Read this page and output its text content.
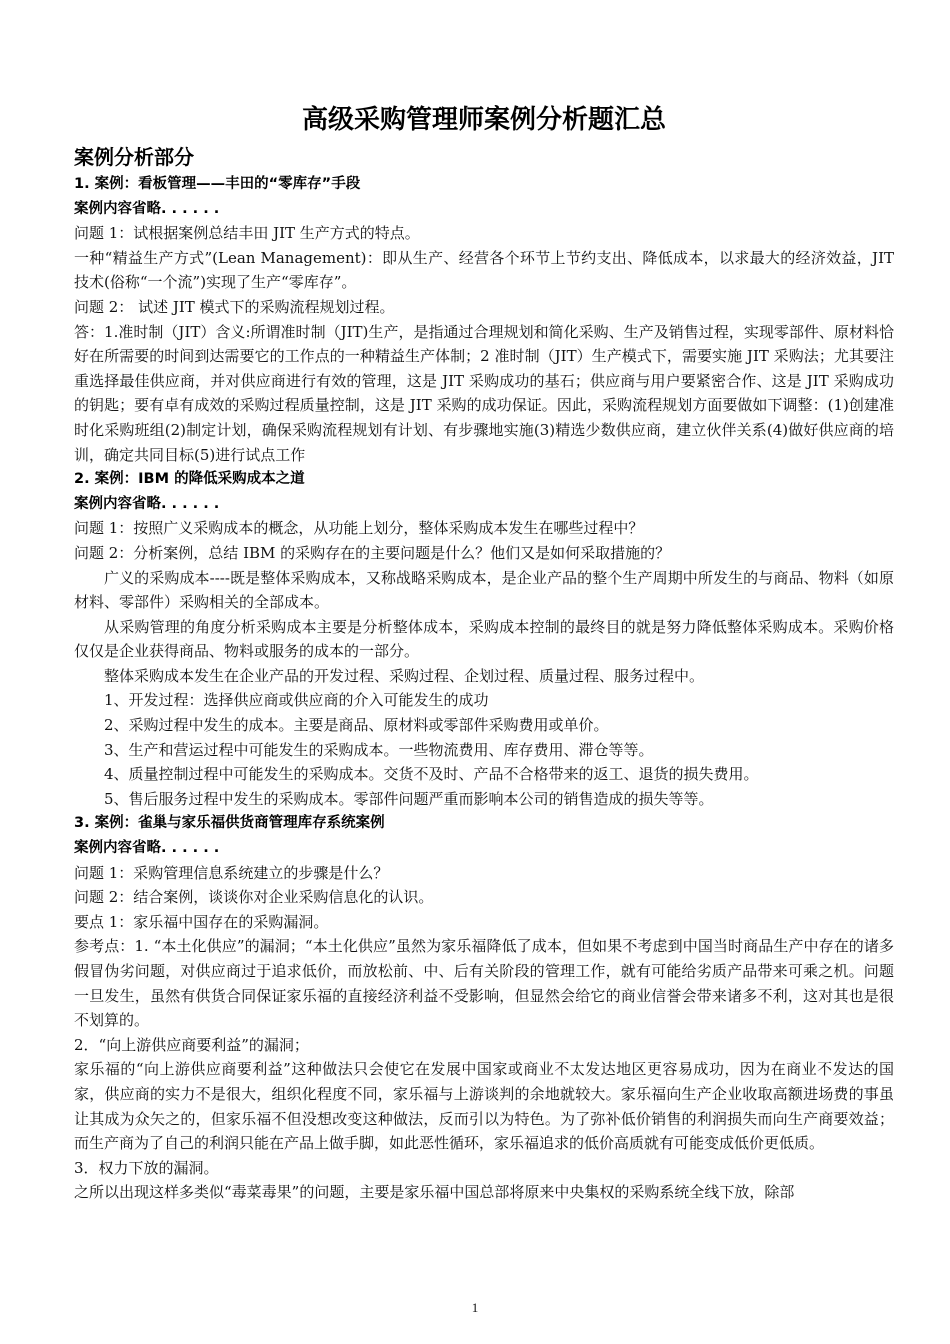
高级采购管理师案例分析题汇总
案例分析部分
1. 案例：看板管理——丰田的“零库存”手段
案例内容省略. . . . . .

问题 1：试根据案例总结丰田 JIT 生产方式的特点。

一种“精益生产方式”(Lean Management)：即从生产、经营各个环节上节约支出、降低成本，以求最大的经济效益，JIT 技术(俗称“一个流”)实现了生产“零库存”。

问题 2： 试述 JIT 模式下的采购流程规划过程。

答：1.准时制（JIT）含义:所谓准时制（JIT)生产，是指通过合理规划和简化采购、生产及销售过程，实现零部件、原材料恰好在所需要的时间到达需要它的工作点的一种精益生产体制；2 准时制（JIT）生产模式下，需要实施 JIT 采购法；尤其要注重选择最佳供应商，并对供应商进行有效的管理，这是 JIT 采购成功的基石；供应商与用户要紧密合作、这是 JIT 采购成功的钥匙；要有卓有成效的采购过程质量控制，这是 JIT 采购的成功保证。因此，采购流程规划方面要做如下调整：(1)创建准时化采购班组(2)制定计划，确保采购流程规划有计划、有步骤地实施(3)精选少数供应商，建立伙伴关系(4)做好供应商的培训，确定共同目标(5)进行试点工作

2. 案例：IBM 的降低采购成本之道
案例内容省略. . . . . .

问题 1：按照广义采购成本的概念，从功能上划分，整体采购成本发生在哪些过程中？

问题 2：分析案例，总结 IBM 的采购存在的主要问题是什么？他们又是如何采取措施的？

广义的采购成本----既是整体采购成本，又称战略采购成本，是企业产品的整个生产周期中所发生的与商品、物料（如原材料、零部件）采购相关的全部成本。

从采购管理的角度分析采购成本主要是分析整体成本，采购成本控制的最终目的就是努力降低整体采购成本。采购价格仅仅是企业获得商品、物料或服务的成本的一部分。

整体采购成本发生在企业产品的开发过程、采购过程、企划过程、质量过程、服务过程中。

1、开发过程：选择供应商或供应商的介入可能发生的成功

2、采购过程中发生的成本。主要是商品、原材料或零部件采购费用或单价。

3、生产和营运过程中可能发生的采购成本。一些物流费用、库存费用、滞仓等等。

4、质量控制过程中可能发生的采购成本。交货不及时、产品不合格带来的返工、退货的损失费用。

5、售后服务过程中发生的采购成本。零部件问题严重而影响本公司的销售造成的损失等等。

3. 案例：雀巢与家乐福供货商管理库存系统案例
案例内容省略. . . . . .

问题 1：采购管理信息系统建立的步骤是什么？

问题 2：结合案例，谈谈你对企业采购信息化的认识。

要点 1：家乐福中国存在的采购漏洞。

参考点：1. “本土化供应”的漏洞；“本土化供应”虽然为家乐福降低了成本，但如果不考虑到中国当时商品生产中存在的诸多假冒伪劣问题，对供应商过于追求低价，而放松前、中、后有关阶段的管理工作，就有可能给劣质产品带来可乘之机。问题一旦发生，虽然有供货合同保证家乐福的直接经济利益不受影响，但显然会给它的商业信誉会带来诸多不利，这对其也是很不划算的。

2．“向上游供应商要利益”的漏洞；

家乐福的“向上游供应商要利益”这种做法只会使它在发展中国家或商业不太发达地区更容易成功，因为在商业不发达的国家，供应商的实力不是很大，组织化程度不同，家乐福与上游谈判的余地就较大。家乐福向生产企业收取高额进场费的事虽让其成为众矢之的，但家乐福不但没想改变这种做法，反而引以为特色。为了弥补低价销售的利润损失而向生产商要效益；而生产商为了自己的利润只能在产品上做手脚，如此恶性循环，家乐福追求的低价高质就有可能变成低价更低质。

3．权力下放的漏洞。

之所以出现这样多类似“毒菜毒果”的问题，主要是家乐福中国总部将原来中央集权的采购系统全线下放，除部

1
